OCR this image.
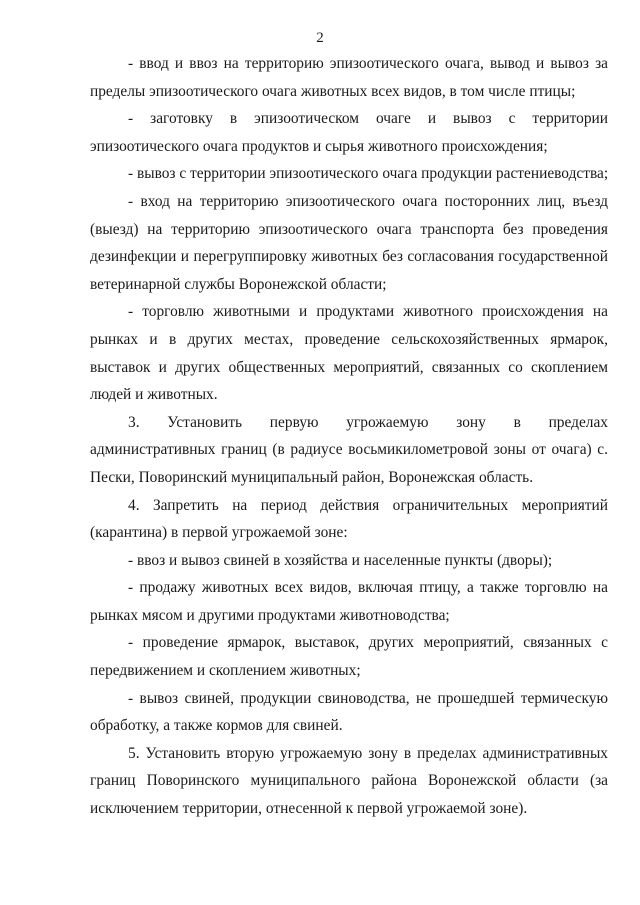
2
- ввод и ввоз на территорию эпизоотического очага, вывод и вывоз за
пределы эпизоотического очага животных всех видов, в том числе птицы;
- заготовку в эпизоотическом очаге и вывоз с территории
эпизоотического очага продуктов и сырья животного происхождения;
- вывоз с территории эпизоотического очага продукции растениеводства;
- вход на территорию эпизоотического очага посторонних лиц, въезд
(выезд) на территорию эпизоотического очага транспорта без проведения
дезинфекции и перегруппировку животных без согласования государственной
ветеринарной службы Воронежской области;
- торговлю животными и продуктами животного происхождения на
рынках и в других местах, проведение сельскохозяйственных ярмарок,
выставок и других общественных мероприятий, связанных со скоплением
людей и животных.
3. Установить первую угрожаемую зону в пределах
административных границ (в радиусе восьмикилометровой зоны от очага) с.
Пески, Поворинский муниципальный район, Воронежская область.
4. Запретить на период действия ограничительных мероприятий
(карантина) в первой угрожаемой зоне:
- ввоз и вывоз свиней в хозяйства и населенные пункты (дворы);
- продажу животных всех видов, включая птицу, а также торговлю на
рынках мясом и другими продуктами животноводства;
- проведение ярмарок, выставок, других мероприятий, связанных с
передвижением и скоплением животных;
- вывоз свиней, продукции свиноводства, не прошедшей термическую
обработку, а также кормов для свиней.
5. Установить вторую угрожаемую зону в пределах административных
границ Поворинского муниципального района Воронежской области (за
исключением территории, отнесенной к первой угрожаемой зоне).
